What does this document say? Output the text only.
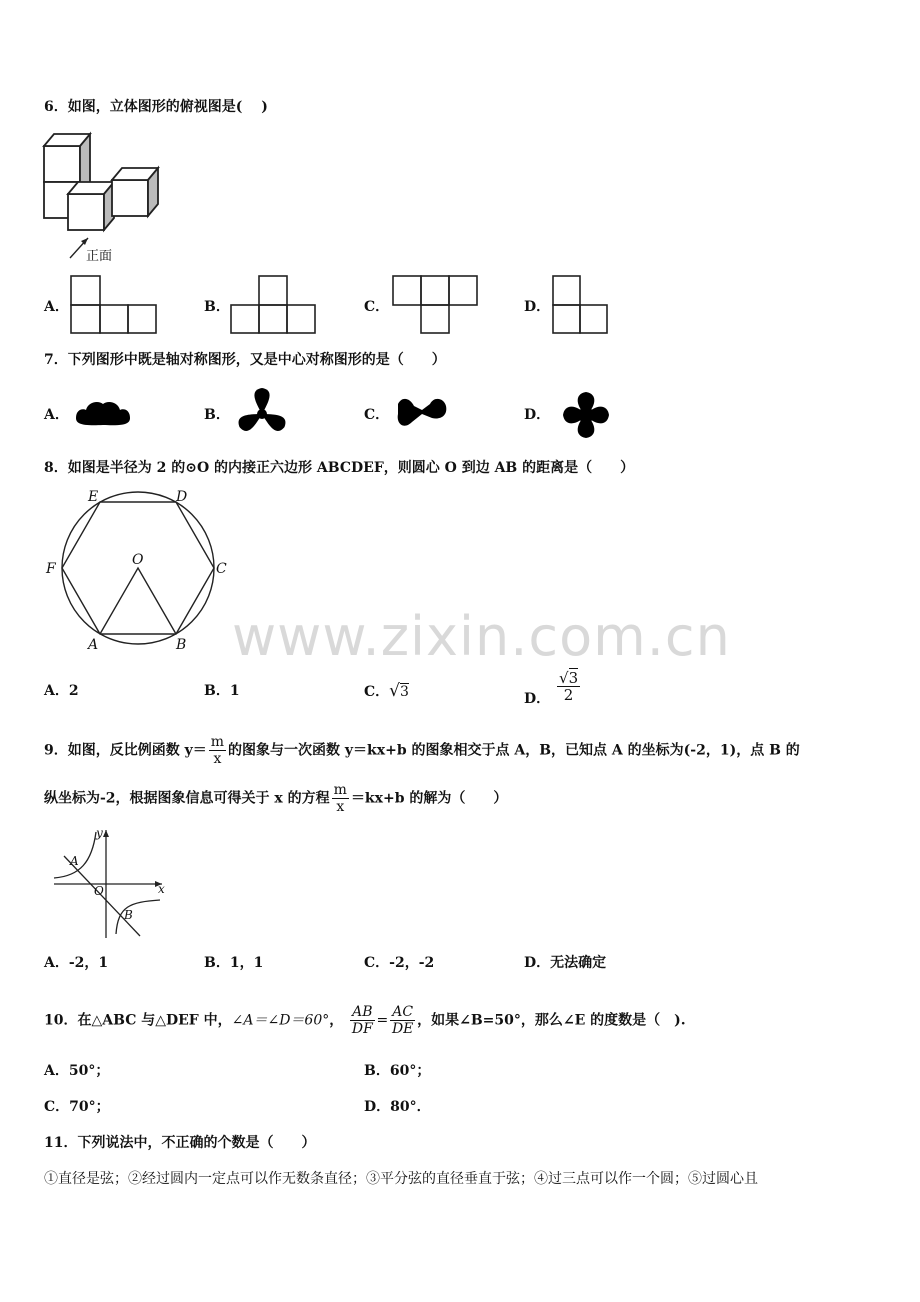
www.zixin.com.cn
6．如图，立体图形的俯视图是(　 )
正面
A．	B．	C．	D．
7．下列图形中既是轴对称图形，又是中心对称图形的是（　　）
A．	B．	C．	D．
8．如图是半径为 2 的⊙O 的内接正六边形 ABCDEF，则圆心 O 到边 AB 的距离是（　　）
E	D
F	C
O
A	B
A．2	B．1	C．√3	D． $\frac{√3}{2}$
9．如图，反比例函数 $y= \frac{m}{x}$ 的图象与一次函数 y＝kx+b 的图象相交于点 A，B，已知点 A 的坐标为(-2，1)，点 B 的
纵坐标为-2，根据图象信息可得关于 x 的方程 $\frac{m}{x} =kx+b$ 的解为（　　）
y
x
A
O
B
A．-2，1	B．1，1	C．-2，-2	D．无法确定
10．在△ABC 与△DEF 中，∠A＝∠D＝60°， $\frac{AB}{DF} = \frac{AC}{DE}$ ，如果∠B=50°，那么∠E 的度数是（　).
A．50°；	B．60°；
C．70°；	D．80°．
11．下列说法中，不正确的个数是（　　）
①直径是弦；②经过圆内一定点可以作无数条直径；③平分弦的直径垂直于弦；④过三点可以作一个圆；⑤过圆心且
